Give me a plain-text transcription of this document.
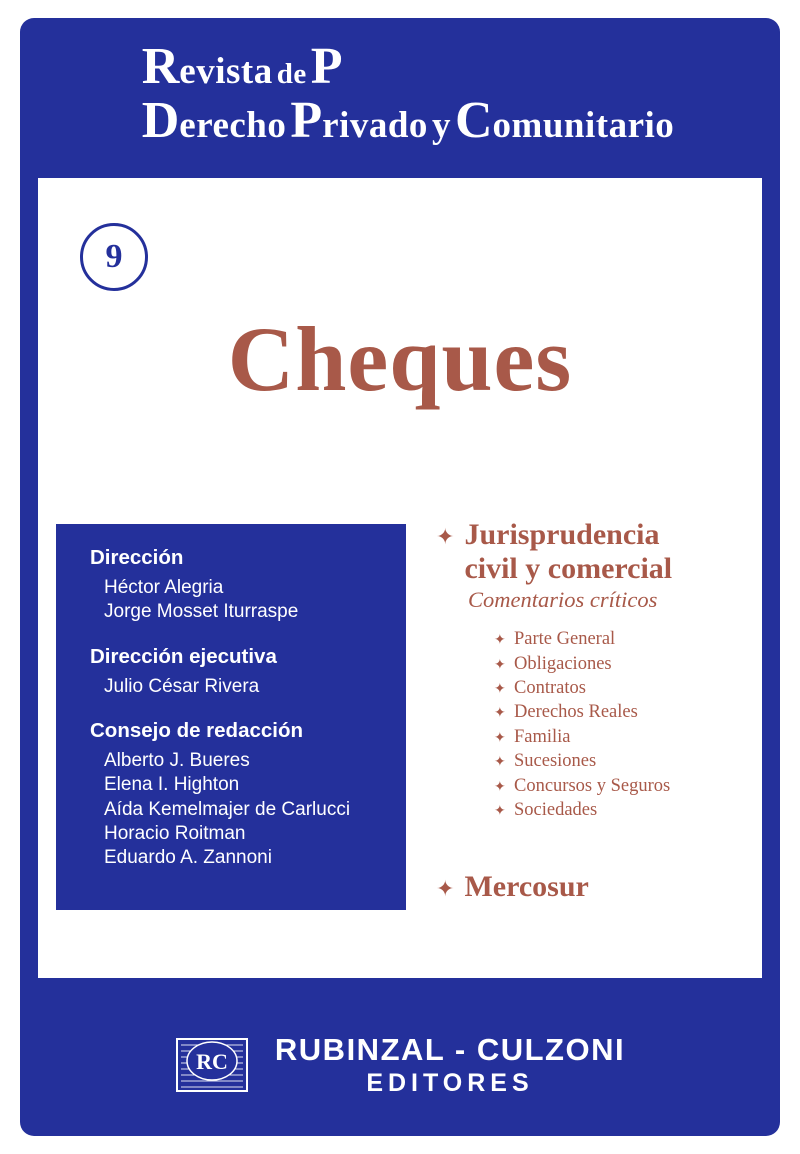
Revista de P
Derecho Privado y Comunitario
9
Cheques
Dirección
Héctor Alegria
Jorge Mosset Iturraspe
Dirección ejecutiva
Julio César Rivera
Consejo de redacción
Alberto J. Bueres
Elena I. Highton
Aída Kemelmajer de Carlucci
Horacio Roitman
Eduardo A. Zannoni
✦ Jurisprudencia
civil y comercial
Comentarios críticos
✦ Parte General
✦ Obligaciones
✦ Contratos
✦ Derechos Reales
✦ Familia
✦ Sucesiones
✦ Concursos y Seguros
✦ Sociedades
✦ Mercosur
RC RUBINZAL - CULZONI
EDITORES
